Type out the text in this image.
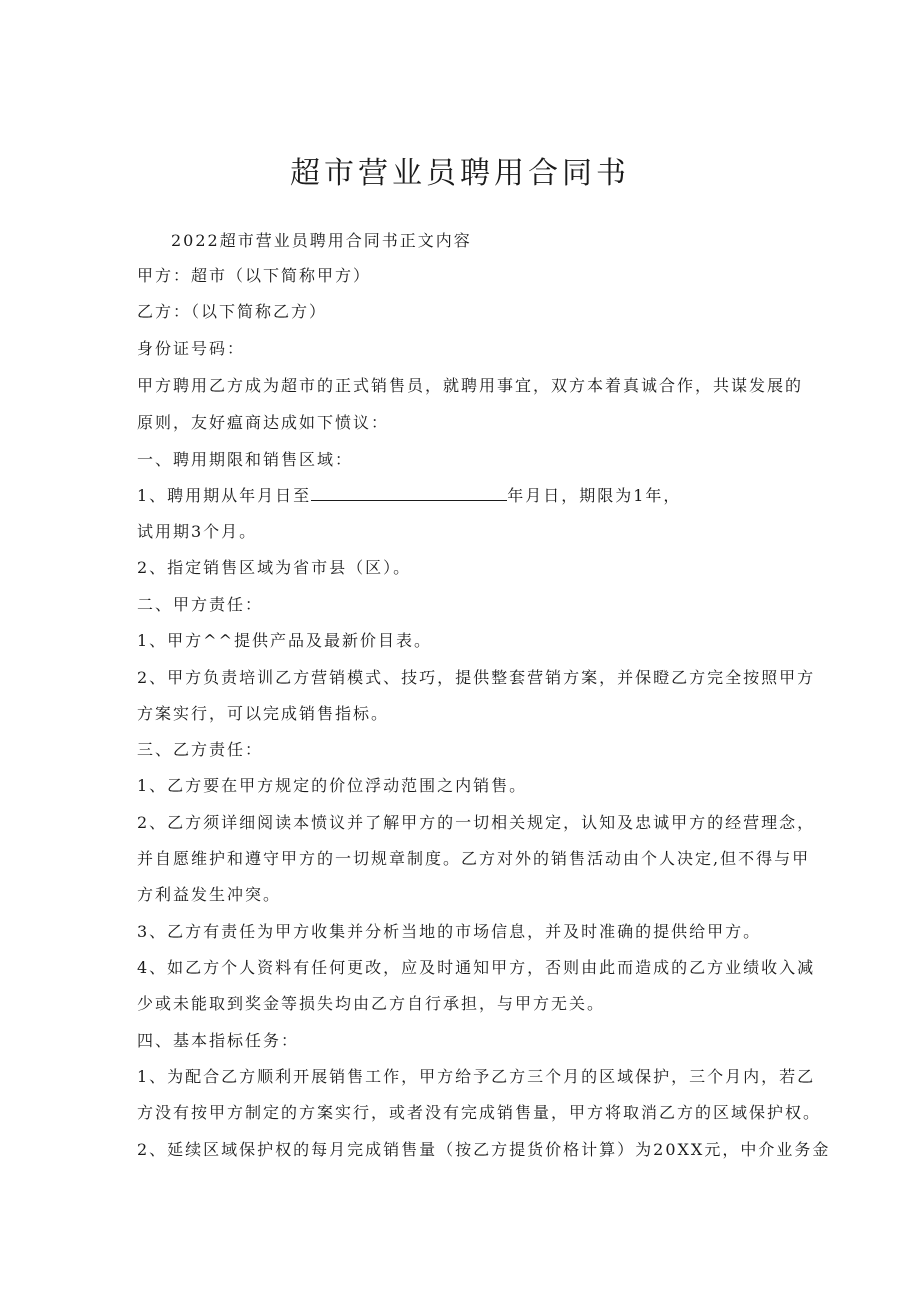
超市营业员聘用合同书
2022超市营业员聘用合同书正文内容
甲方：超市（以下简称甲方）
乙方：（以下简称乙方）
身份证号码：
甲方聘用乙方成为超市的正式销售员，就聘用事宜，双方本着真诚合作，共谋发展的
原则，友好瘟商达成如下愤议：
一、聘用期限和销售区域：
1、聘用期从年月日至	年月日，期限为1年，
试用期3个月。
2、指定销售区域为省市县（区）。
二、甲方责任：
1、甲方^^提供产品及最新价目表。
2、甲方负责培训乙方营销模式、技巧，提供整套营销方案，并保瞪乙方完全按照甲方
方案实行，可以完成销售指标。
三、乙方责任：
1、乙方要在甲方规定的价位浮动范围之内销售。
2、乙方须详细阅读本愤议并了解甲方的一切相关规定，认知及忠诚甲方的经营理念，
并自愿维护和遵守甲方的一切规章制度。乙方对外的销售活动由个人决定,但不得与甲
方利益发生冲突。
3、乙方有责任为甲方收集并分析当地的市场信息，并及时准确的提供给甲方。
4、如乙方个人资料有任何更改，应及时通知甲方，否则由此而造成的乙方业绩收入减
少或未能取到奖金等损失均由乙方自行承担，与甲方无关。
四、基本指标任务：
1、为配合乙方顺利开展销售工作，甲方给予乙方三个月的区域保护，三个月内，若乙
方没有按甲方制定的方案实行，或者没有完成销售量，甲方将取消乙方的区域保护权。
2、延续区域保护权的每月完成销售量（按乙方提货价格计算）为20XX元，中介业务金
